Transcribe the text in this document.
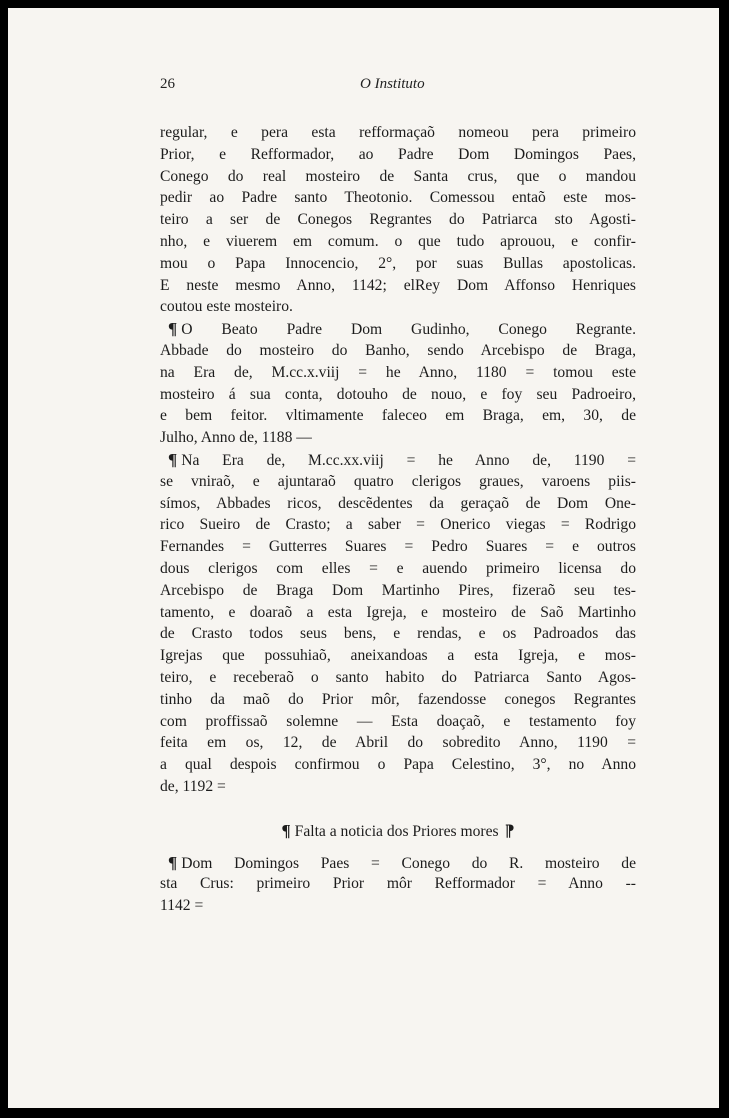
26	O Instituto
regular, e pera esta refformaçaõ nomeou pera primeiro
Prior, e Refformador, ao Padre Dom Domingos Paes,
Conego do real mosteiro de Santa crus, que o mandou
pedir ao Padre santo Theotonio. Comessou entaõ este mos-
teiro a ser de Conegos Regrantes do Patriarca sto Agosti-
nho, e viuerem em comum. o que tudo aprouou, e confir-
mou o Papa Innocencio, 2°, por suas Bullas apostolicas.
E neste mesmo Anno, 1142; elRey Dom Affonso Henriques
coutou este mosteiro.
¶ O Beato Padre Dom Gudinho, Conego Regrante.
Abbade do mosteiro do Banho, sendo Arcebispo de Braga,
na Era de, M.cc.x.viij = he Anno, 1180 = tomou este
mosteiro á sua conta, dotouho de nouo, e foy seu Padroeiro,
e bem feitor. vltimamente faleceo em Braga, em, 30, de
Julho, Anno de, 1188 —
¶ Na Era de, M.cc.xx.viij = he Anno de, 1190 =
se vniraõ, e ajuntaraõ quatro clerigos graues, varoens piis-
símos, Abbades ricos, descẽdentes da geraçaõ de Dom One-
rico Sueiro de Crasto; a saber = Onerico viegas = Rodrigo
Fernandes = Gutterres Suares = Pedro Suares = e outros
dous clerigos com elles = e auendo primeiro licensa do
Arcebispo de Braga Dom Martinho Pires, fizeraõ seu tes-
tamento, e doaraõ a esta Igreja, e mosteiro de Saõ Martinho
de Crasto todos seus bens, e rendas, e os Padroados das
Igrejas que possuhiaõ, aneixandoas a esta Igreja, e mos-
teiro, e receberaõ o santo habito do Patriarca Santo Agos-
tinho da maõ do Prior môr, fazendosse conegos Regrantes
com proffissaõ solemne — Esta doaçaõ, e testamento foy
feita em os, 12, de Abril do sobredito Anno, 1190 =
a qual despois confirmou o Papa Celestino, 3°, no Anno
de, 1192 =
¶ Falta a noticia dos Priores mores ⁋
¶ Dom Domingos Paes = Conego do R. mosteiro de
sta Crus: primeiro Prior môr Refformador = Anno --
1142 =
